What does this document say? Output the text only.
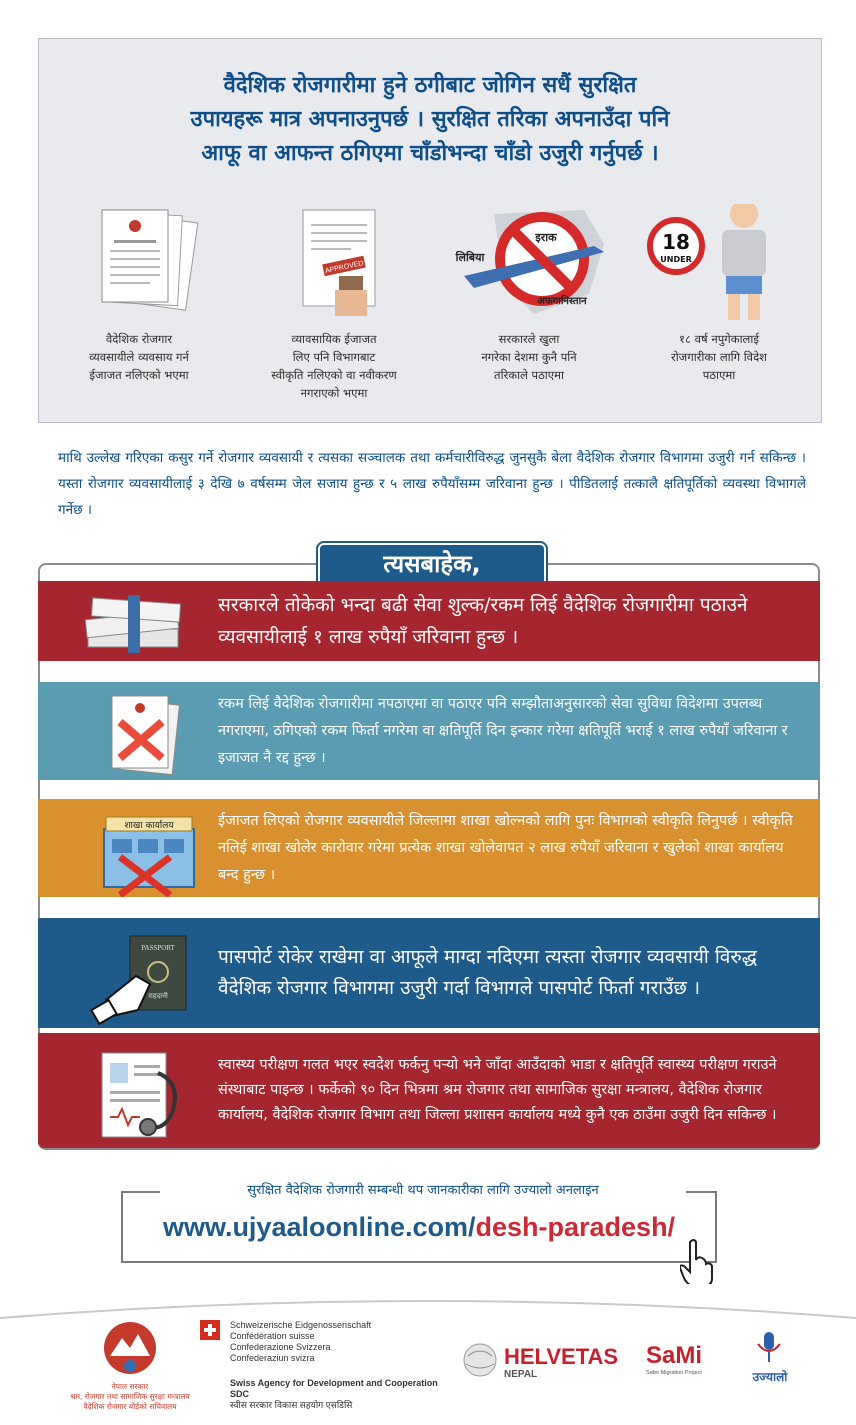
वैदेशिक रोजगारीमा हुने ठगीबाट जोगिन सधैं सुरक्षित
उपायहरू मात्र अपनाउनुपर्छ । सुरक्षित तरिका अपनाउँदा पनि
आफू वा आफन्त ठगिएमा चाँडोभन्दा चाँडो उजुरी गर्नुपर्छ ।
वैदेशिक रोजगार
व्यवसायीले व्यवसाय गर्न
ईजाजत नलिएको भएमा
APPROVED
व्यावसायिक ईजाजत
लिए पनि विभागबाट
स्वीकृति नलिएको वा नवीकरण
नगराएको भएमा
इराक
लिबिया
अफगानिस्तान
सरकारले खुला
नगरेका देशमा कुनै पनि
तरिकाले पठाएमा
18
UNDER
१८ वर्ष नपुगेकालाई
रोजगारीका लागि विदेश
पठाएमा

माथि उल्लेख गरिएका कसुर गर्ने रोजगार व्यवसायी र त्यसका सञ्चालक तथा कर्मचारीविरुद्ध जुनसुकै बेला वैदेशिक रोजगार विभागमा उजुरी गर्न सकिन्छ । यस्ता रोजगार व्यवसायीलाई ३ देखि ७ वर्षसम्म जेल सजाय हुन्छ र ५ लाख रुपैयाँसम्म जरिवाना हुन्छ । पीडितलाई तत्कालै क्षतिपूर्तिको व्यवस्था विभागले गर्नेछ ।

त्यसबाहेक,

सरकारले तोकेको भन्दा बढी सेवा शुल्क/रकम लिई वैदेशिक रोजगारीमा पठाउने व्यवसायीलाई १ लाख रुपैयाँ जरिवाना हुन्छ ।

रकम लिई वैदेशिक रोजगारीमा नपठाएमा वा पठाएर पनि सम्झौताअनुसारको सेवा सुविधा विदेशमा उपलब्ध नगराएमा, ठगिएको रकम फिर्ता नगरेमा वा क्षतिपूर्ति दिन इन्कार गरेमा क्षतिपूर्ति भराई १ लाख रुपैयाँ जरिवाना र इजाजत नै रद्द हुन्छ ।

शाखा कार्यालय	ईजाजत लिएको रोजगार व्यवसायीले जिल्लामा शाखा खोल्नको लागि पुनः विभागको स्वीकृति लिनुपर्छ । स्वीकृति नलिई शाखा खोलेर कारोवार गरेमा प्रत्येक शाखा खोलेवापत २ लाख रुपैयाँ जरिवाना र खुलेको शाखा कार्यालय बन्द हुन्छ ।

PASSPORT
राहदानी

पासपोर्ट रोकेर राखेमा वा आफूले माग्दा नदिएमा त्यस्ता रोजगार व्यवसायी विरुद्ध वैदेशिक रोजगार विभागमा उजुरी गर्दा विभागले पासपोर्ट फिर्ता गराउँछ ।

स्वास्थ्य परीक्षण गलत भएर स्वदेश फर्कनु पऱ्यो भने जाँदा आउँदाको भाडा र क्षतिपूर्ति स्वास्थ्य परीक्षण गराउने संस्थाबाट पाइन्छ । फर्केको ९० दिन भित्रमा श्रम रोजगार तथा सामाजिक सुरक्षा मन्त्रालय, वैदेशिक रोजगार कार्यालय, वैदेशिक रोजगार विभाग तथा जिल्ला प्रशासन कार्यालय मध्ये कुनै एक ठाउँमा उजुरी दिन सकिन्छ ।

www.ujyaaloonline.com/desh-paradesh/
सुरक्षित वैदेशिक रोजगारी सम्बन्धी थप जानकारीका लागि उज्यालो अनलाइन
नेपाल सरकार
श्रम, रोजगार तथा सामाजिक सुरक्षा मन्त्रालय
वैदेशिक रोजगार बोर्डको सचिवालय
Schweizerische Eidgenossenschaft
Confédération suisse
Confederazione Svizzera
Confederaziun svizra
Swiss Agency for Development and Cooperation SDC
स्वीस सरकार विकास सहयोग एसडिसि
HELVETAS
NEPAL
SaMi
Safer Migration Project	उज्यालो
